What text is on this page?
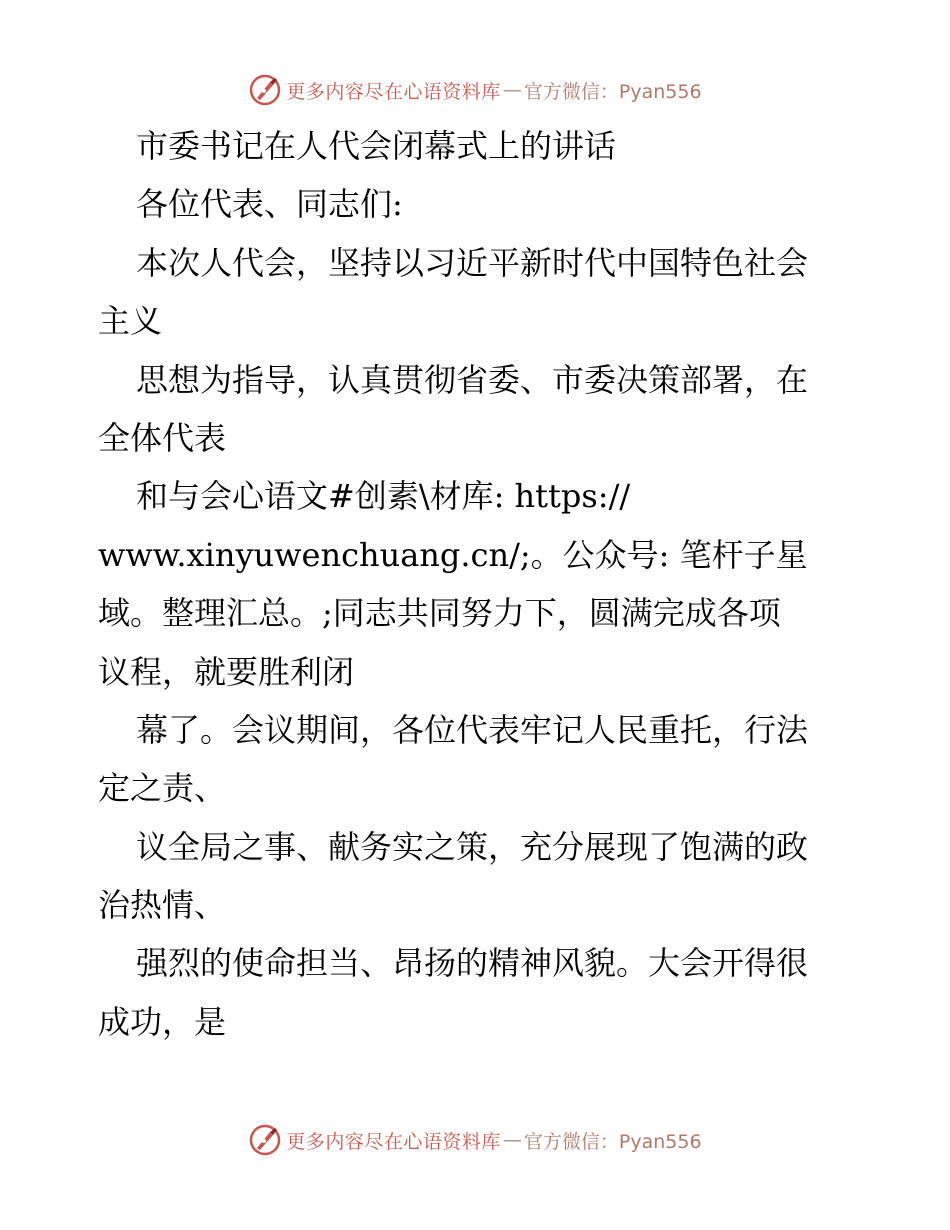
更多内容尽在心语资料库 — 官方微信：Pyan556
市委书记在人代会闭幕式上的讲话
各位代表、同志们:
本次人代会，坚持以习近平新时代中国特色社会
主义
思想为指导，认真贯彻省委、市委决策部署，在
全体代表
和与会心语文#创素\材库: https://
www.xinyuwenchuang.cn/;。公众号: 笔杆子星
域。整理汇总。;同志共同努力下，圆满完成各项
议程，就要胜利闭
幕了。会议期间，各位代表牢记人民重托，行法
定之责、
议全局之事、献务实之策，充分展现了饱满的政
治热情、
强烈的使命担当、昂扬的精神风貌。大会开得很
成功，是
更多内容尽在心语资料库 — 官方微信：Pyan556
